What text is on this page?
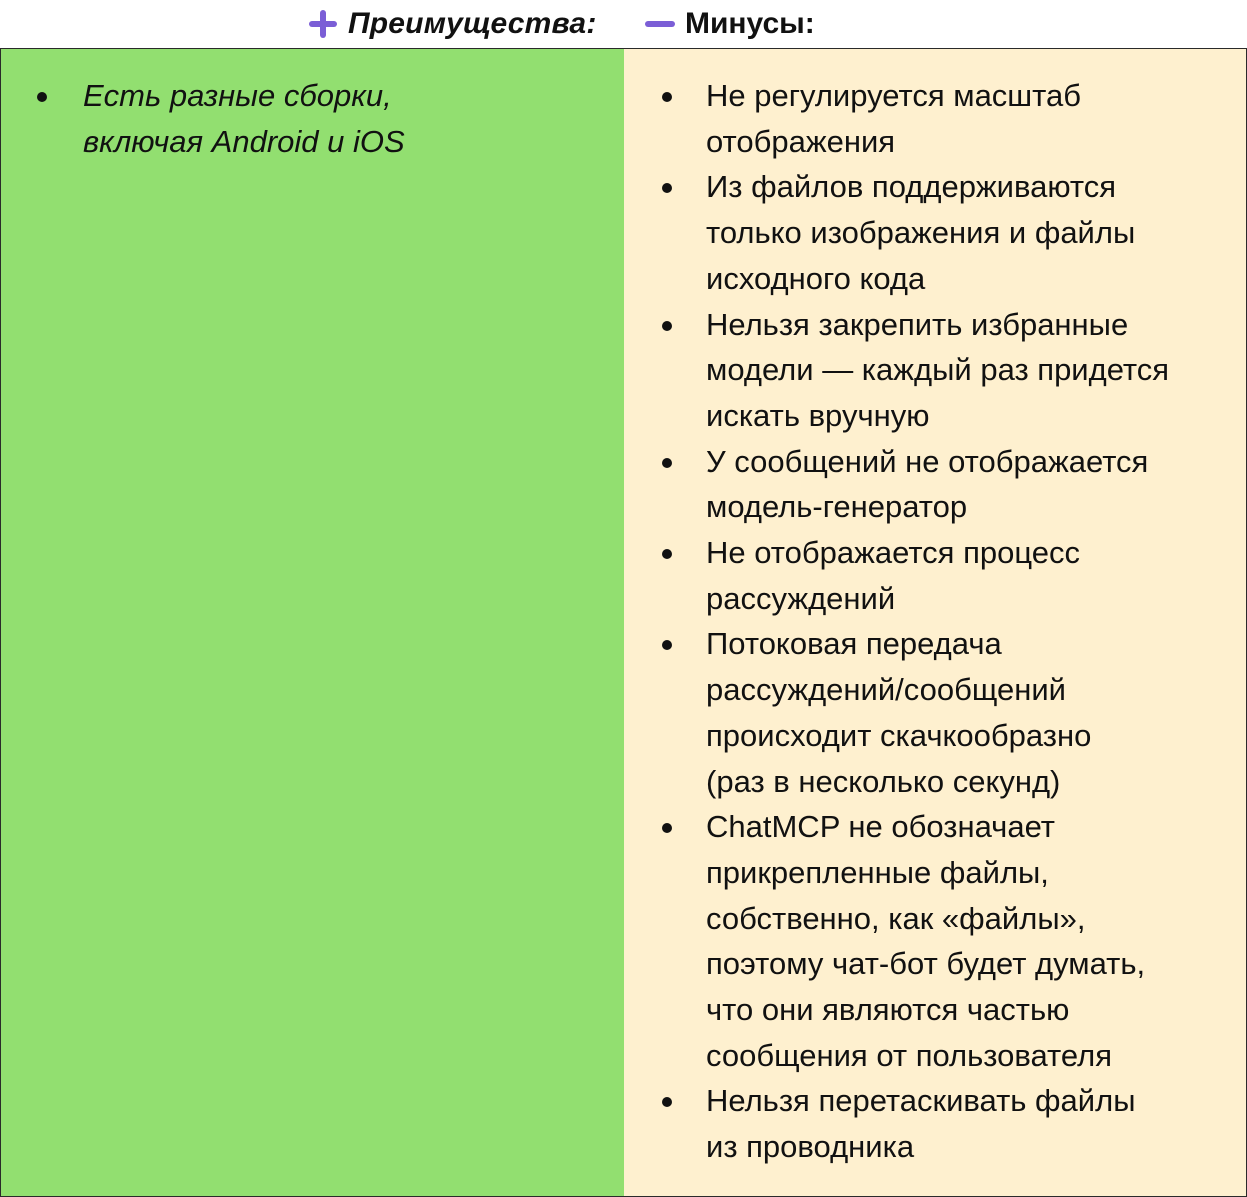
Преимущества:	Минусы:
Есть разные сборки,
включая Android и iOS
Не регулируется масштаб
отображения
Из файлов поддерживаются
только изображения и файлы
исходного кода
Нельзя закрепить избранные
модели — каждый раз придется
искать вручную
У сообщений не отображается
модель-генератор
Не отображается процесс
рассуждений
Потоковая передача
рассуждений/сообщений
происходит скачкообразно
(раз в несколько секунд)
ChatMCP не обозначает
прикрепленные файлы,
собственно, как «файлы»,
поэтому чат-бот будет думать,
что они являются частью
сообщения от пользователя
Нельзя перетаскивать файлы
из проводника
